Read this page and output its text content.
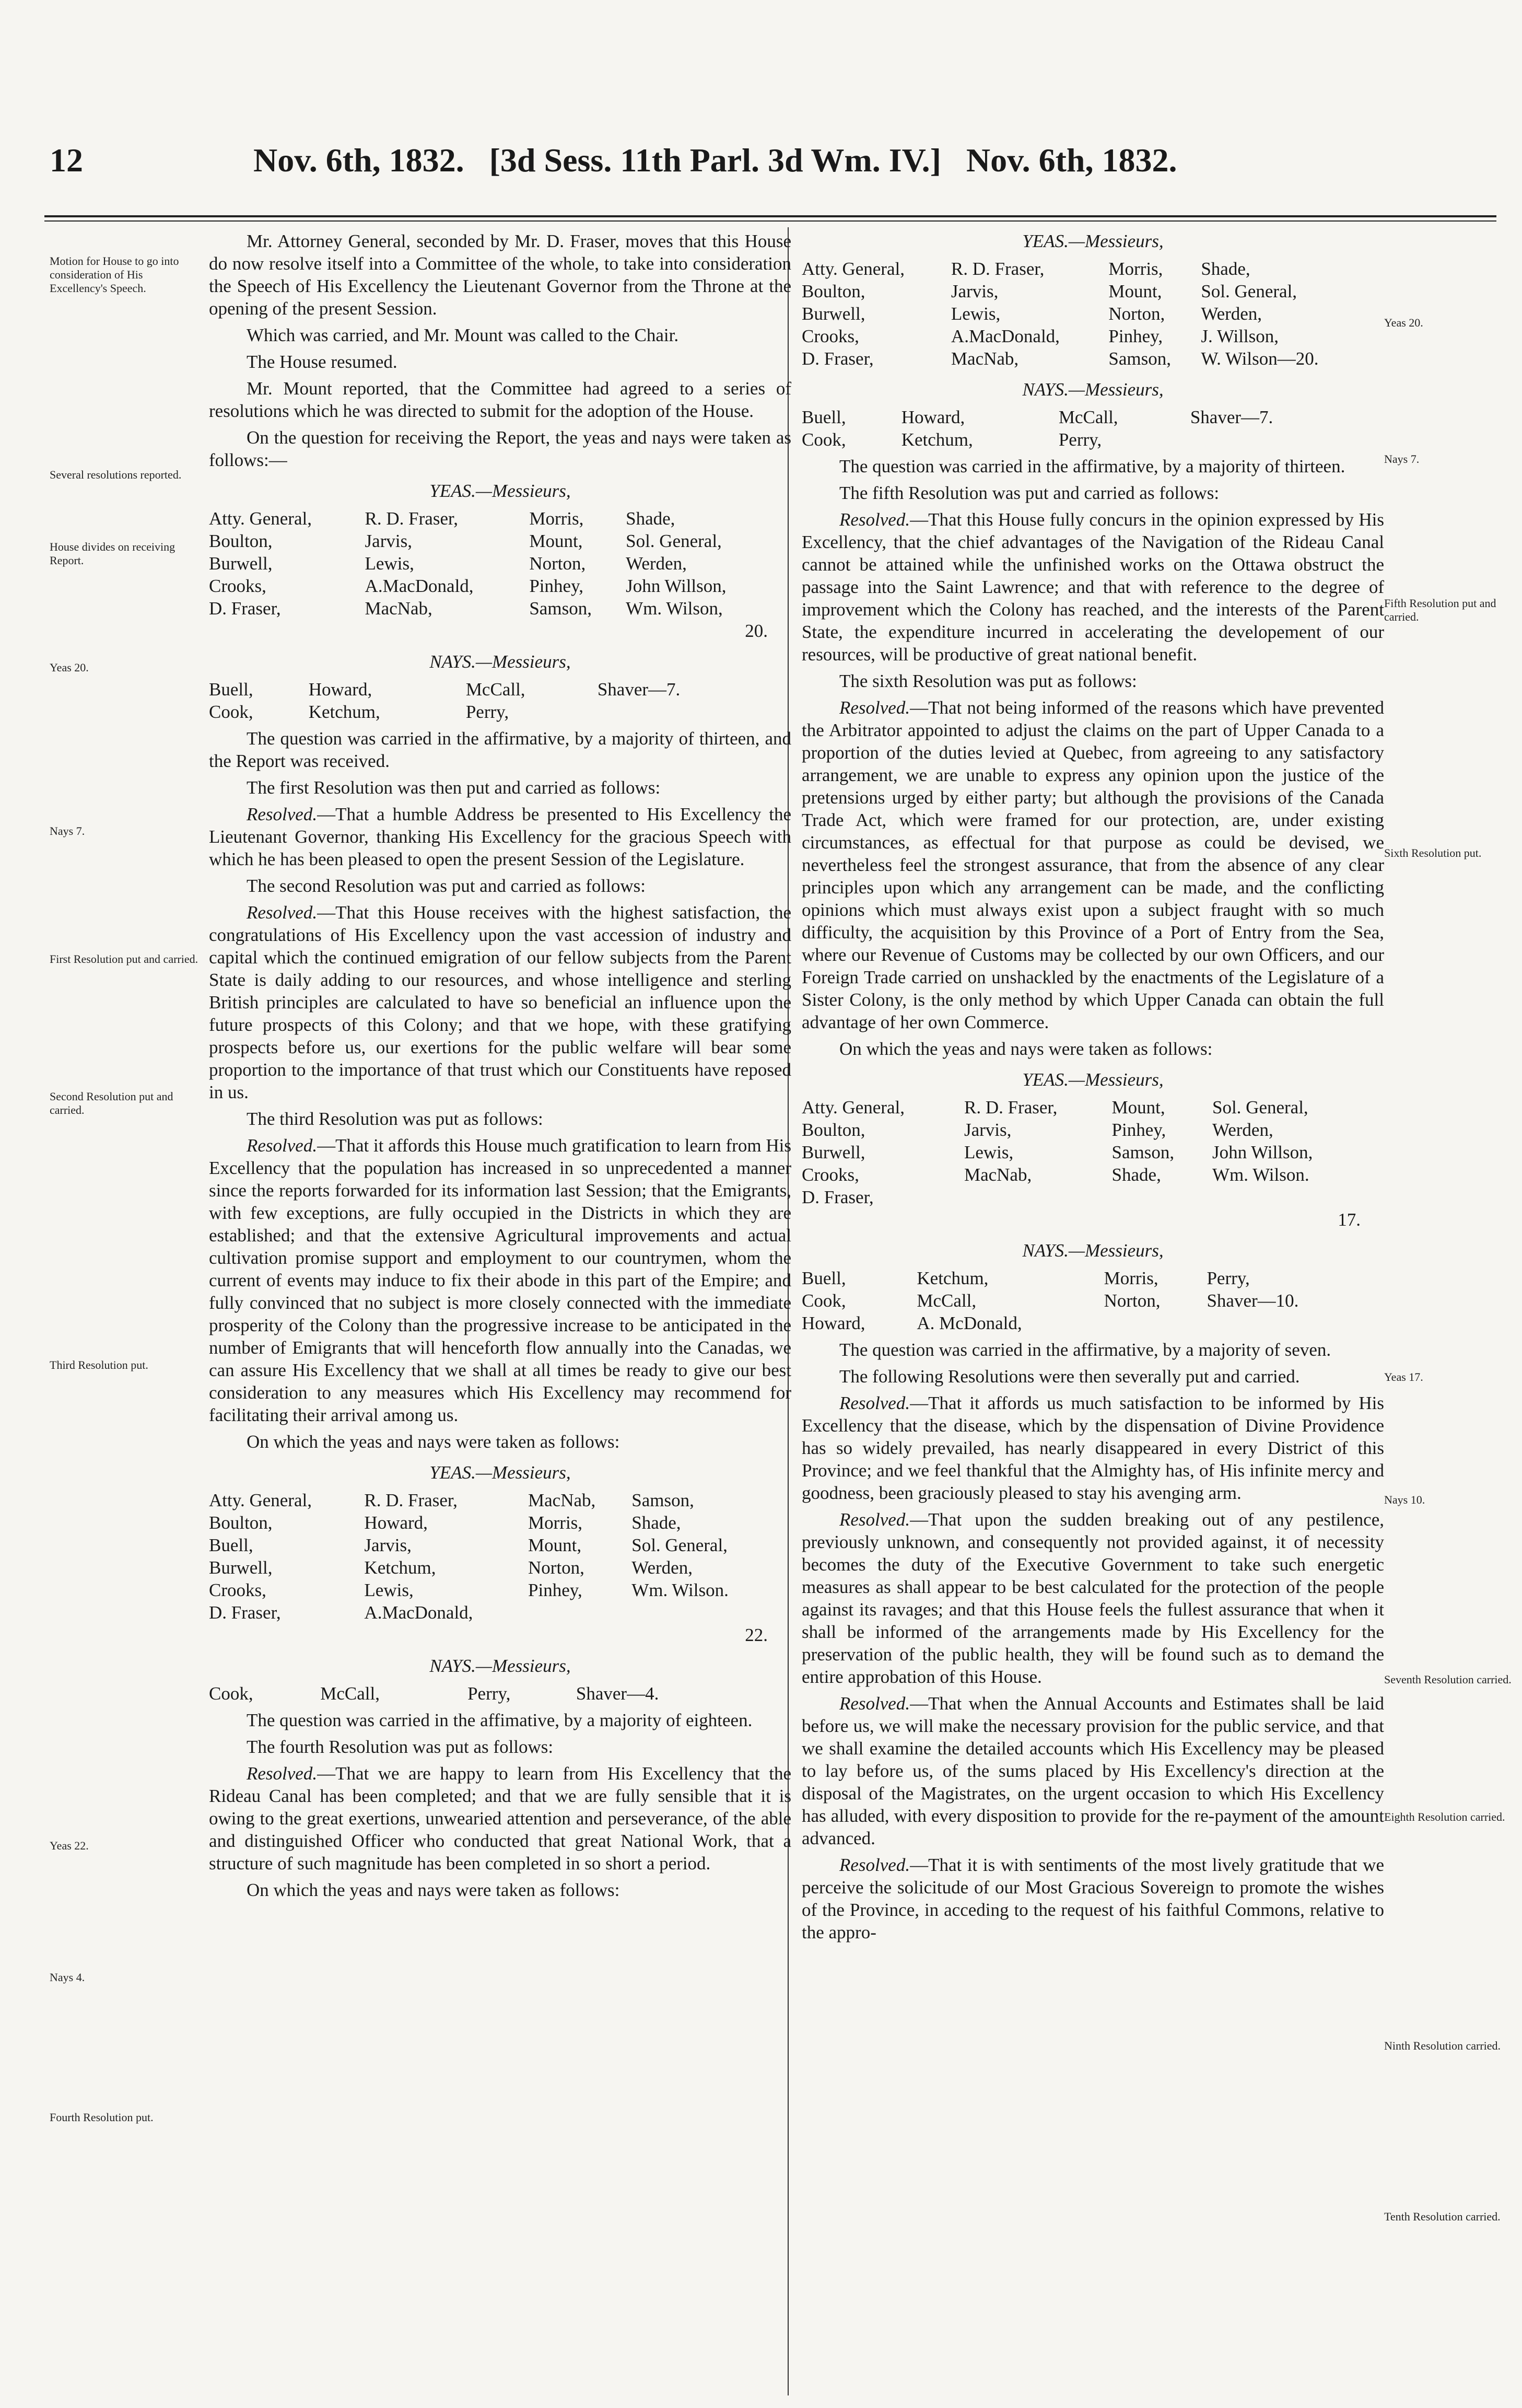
12	Nov. 6th, 1832.   [3d Sess. 11th Parl. 3d Wm. IV.]   Nov. 6th, 1832.
Motion for House to go into consideration of His Excellency's Speech.
Several resolutions reported.
House divides on receiving Report.
Yeas 20.
Nays 7.
First Resolution put and carried.
Second Resolution put and carried.
Third Resolution put.
Yeas 22.
Nays 4.
Fourth Resolution put.
Yeas 20.
Nays 7.
Fifth Resolution put and carried.
Sixth Resolution put.
Yeas 17.
Nays 10.
Seventh Resolution carried.
Eighth Resolution carried.
Ninth Resolution carried.
Tenth Resolution carried.

Mr. Attorney General, seconded by Mr. D. Fraser, moves that this House do now resolve itself into a Committee of the whole, to take into consideration the Speech of His Excellency the Lieutenant Governor from the Throne at the opening of the present Session.

Which was carried, and Mr. Mount was called to the Chair.

The House resumed.

Mr. Mount reported, that the Committee had agreed to a series of resolutions which he was directed to submit for the adoption of the House.

On the question for receiving the Report, the yeas and nays were taken as follows:—

YEAS.—Messieurs,
Atty. General,	R. D. Fraser,	Morris,	Shade,
Boulton,	Jarvis,	Mount,	Sol. General,
Burwell,	Lewis,	Norton,	Werden,
Crooks,	A.MacDonald,	Pinhey,	John Willson,
D. Fraser,	MacNab,	Samson,	Wm. Wilson,
20.			
NAYS.—Messieurs,
Buell,	Howard,	McCall,	Shaver—7.
Cook,	Ketchum,	Perry,	

The question was carried in the affirmative, by a majority of thirteen, and the Report was received.

The first Resolution was then put and carried as follows:

Resolved.—That a humble Address be presented to His Excellency the Lieutenant Governor, thanking His Excellency for the gracious Speech with which he has been pleased to open the present Session of the Legislature.

The second Resolution was put and carried as follows:

Resolved.—That this House receives with the highest satisfaction, the congratulations of His Excellency upon the vast accession of industry and capital which the continued emigration of our fellow subjects from the Parent State is daily adding to our resources, and whose intelligence and sterling British principles are calculated to have so beneficial an influence upon the future prospects of this Colony; and that we hope, with these gratifying prospects before us, our exertions for the public welfare will bear some proportion to the importance of that trust which our Constituents have reposed in us.

The third Resolution was put as follows:

Resolved.—That it affords this House much gratification to learn from His Excellency that the population has increased in so unprecedented a manner since the reports forwarded for its information last Session; that the Emigrants, with few exceptions, are fully occupied in the Districts in which they are established; and that the extensive Agricultural improvements and actual cultivation promise support and employment to our countrymen, whom the current of events may induce to fix their abode in this part of the Empire; and fully convinced that no subject is more closely connected with the immediate prosperity of the Colony than the progressive increase to be anticipated in the number of Emigrants that will henceforth flow annually into the Canadas, we can assure His Excellency that we shall at all times be ready to give our best consideration to any measures which His Excellency may recommend for facilitating their arrival among us.

On which the yeas and nays were taken as follows:

YEAS.—Messieurs,
Atty. General,	R. D. Fraser,	MacNab,	Samson,
Boulton,	Howard,	Morris,	Shade,
Buell,	Jarvis,	Mount,	Sol. General,
Burwell,	Ketchum,	Norton,	Werden,
Crooks,	Lewis,	Pinhey,	Wm. Wilson.
D. Fraser,	A.MacDonald,		
22.			
NAYS.—Messieurs,
Cook,	McCall,	Perry,	Shaver—4.

The question was carried in the affimative, by a majority of eighteen.

The fourth Resolution was put as follows:

Resolved.—That we are happy to learn from His Excellency that the Rideau Canal has been completed; and that we are fully sensible that it is owing to the great exertions, unwearied attention and perseverance, of the able and distinguished Officer who conducted that great National Work, that a structure of such magnitude has been completed in so short a period.

On which the yeas and nays were taken as follows:

YEAS.—Messieurs,
Atty. General,	R. D. Fraser,	Morris,	Shade,
Boulton,	Jarvis,	Mount,	Sol. General,
Burwell,	Lewis,	Norton,	Werden,
Crooks,	A.MacDonald,	Pinhey,	J. Willson,
D. Fraser,	MacNab,	Samson,	W. Wilson—20.
NAYS.—Messieurs,
Buell,	Howard,	McCall,	Shaver—7.
Cook,	Ketchum,	Perry,	

The question was carried in the affirmative, by a majority of thirteen.

The fifth Resolution was put and carried as follows:

Resolved.—That this House fully concurs in the opinion expressed by His Excellency, that the chief advantages of the Navigation of the Rideau Canal cannot be attained while the unfinished works on the Ottawa obstruct the passage into the Saint Lawrence; and that with reference to the degree of improvement which the Colony has reached, and the interests of the Parent State, the expenditure incurred in accelerating the developement of our resources, will be productive of great national benefit.

The sixth Resolution was put as follows:

Resolved.—That not being informed of the reasons which have prevented the Arbitrator appointed to adjust the claims on the part of Upper Canada to a proportion of the duties levied at Quebec, from agreeing to any satisfactory arrangement, we are unable to express any opinion upon the justice of the pretensions urged by either party; but although the provisions of the Canada Trade Act, which were framed for our protection, are, under existing circumstances, as effectual for that purpose as could be devised, we nevertheless feel the strongest assurance, that from the absence of any clear principles upon which any arrangement can be made, and the conflicting opinions which must always exist upon a subject fraught with so much difficulty, the acquisition by this Province of a Port of Entry from the Sea, where our Revenue of Customs may be collected by our own Officers, and our Foreign Trade carried on unshackled by the enactments of the Legislature of a Sister Colony, is the only method by which Upper Canada can obtain the full advantage of her own Commerce.

On which the yeas and nays were taken as follows:

YEAS.—Messieurs,
Atty. General,	R. D. Fraser,	Mount,	Sol. General,
Boulton,	Jarvis,	Pinhey,	Werden,
Burwell,	Lewis,	Samson,	John Willson,
Crooks,	MacNab,	Shade,	Wm. Wilson.
D. Fraser,			
17.			
NAYS.—Messieurs,
Buell,	Ketchum,	Morris,	Perry,
Cook,	McCall,	Norton,	Shaver—10.
Howard,	A. McDonald,		

The question was carried in the affirmative, by a majority of seven.

The following Resolutions were then severally put and carried.

Resolved.—That it affords us much satisfaction to be informed by His Excellency that the disease, which by the dispensation of Divine Providence has so widely prevailed, has nearly disappeared in every District of this Province; and we feel thankful that the Almighty has, of His infinite mercy and goodness, been graciously pleased to stay his avenging arm.

Resolved.—That upon the sudden breaking out of any pestilence, previously unknown, and consequently not provided against, it of necessity becomes the duty of the Executive Government to take such energetic measures as shall appear to be best calculated for the protection of the people against its ravages; and that this House feels the fullest assurance that when it shall be informed of the arrangements made by His Excellency for the preservation of the public health, they will be found such as to demand the entire approbation of this House.

Resolved.—That when the Annual Accounts and Estimates shall be laid before us, we will make the necessary provision for the public service, and that we shall examine the detailed accounts which His Excellency may be pleased to lay before us, of the sums placed by His Excellency's direction at the disposal of the Magistrates, on the urgent occasion to which His Excellency has alluded, with every disposition to provide for the re-payment of the amount advanced.

Resolved.—That it is with sentiments of the most lively gratitude that we perceive the solicitude of our Most Gracious Sovereign to promote the wishes of the Province, in acceding to the request of his faithful Commons, relative to the appro-
